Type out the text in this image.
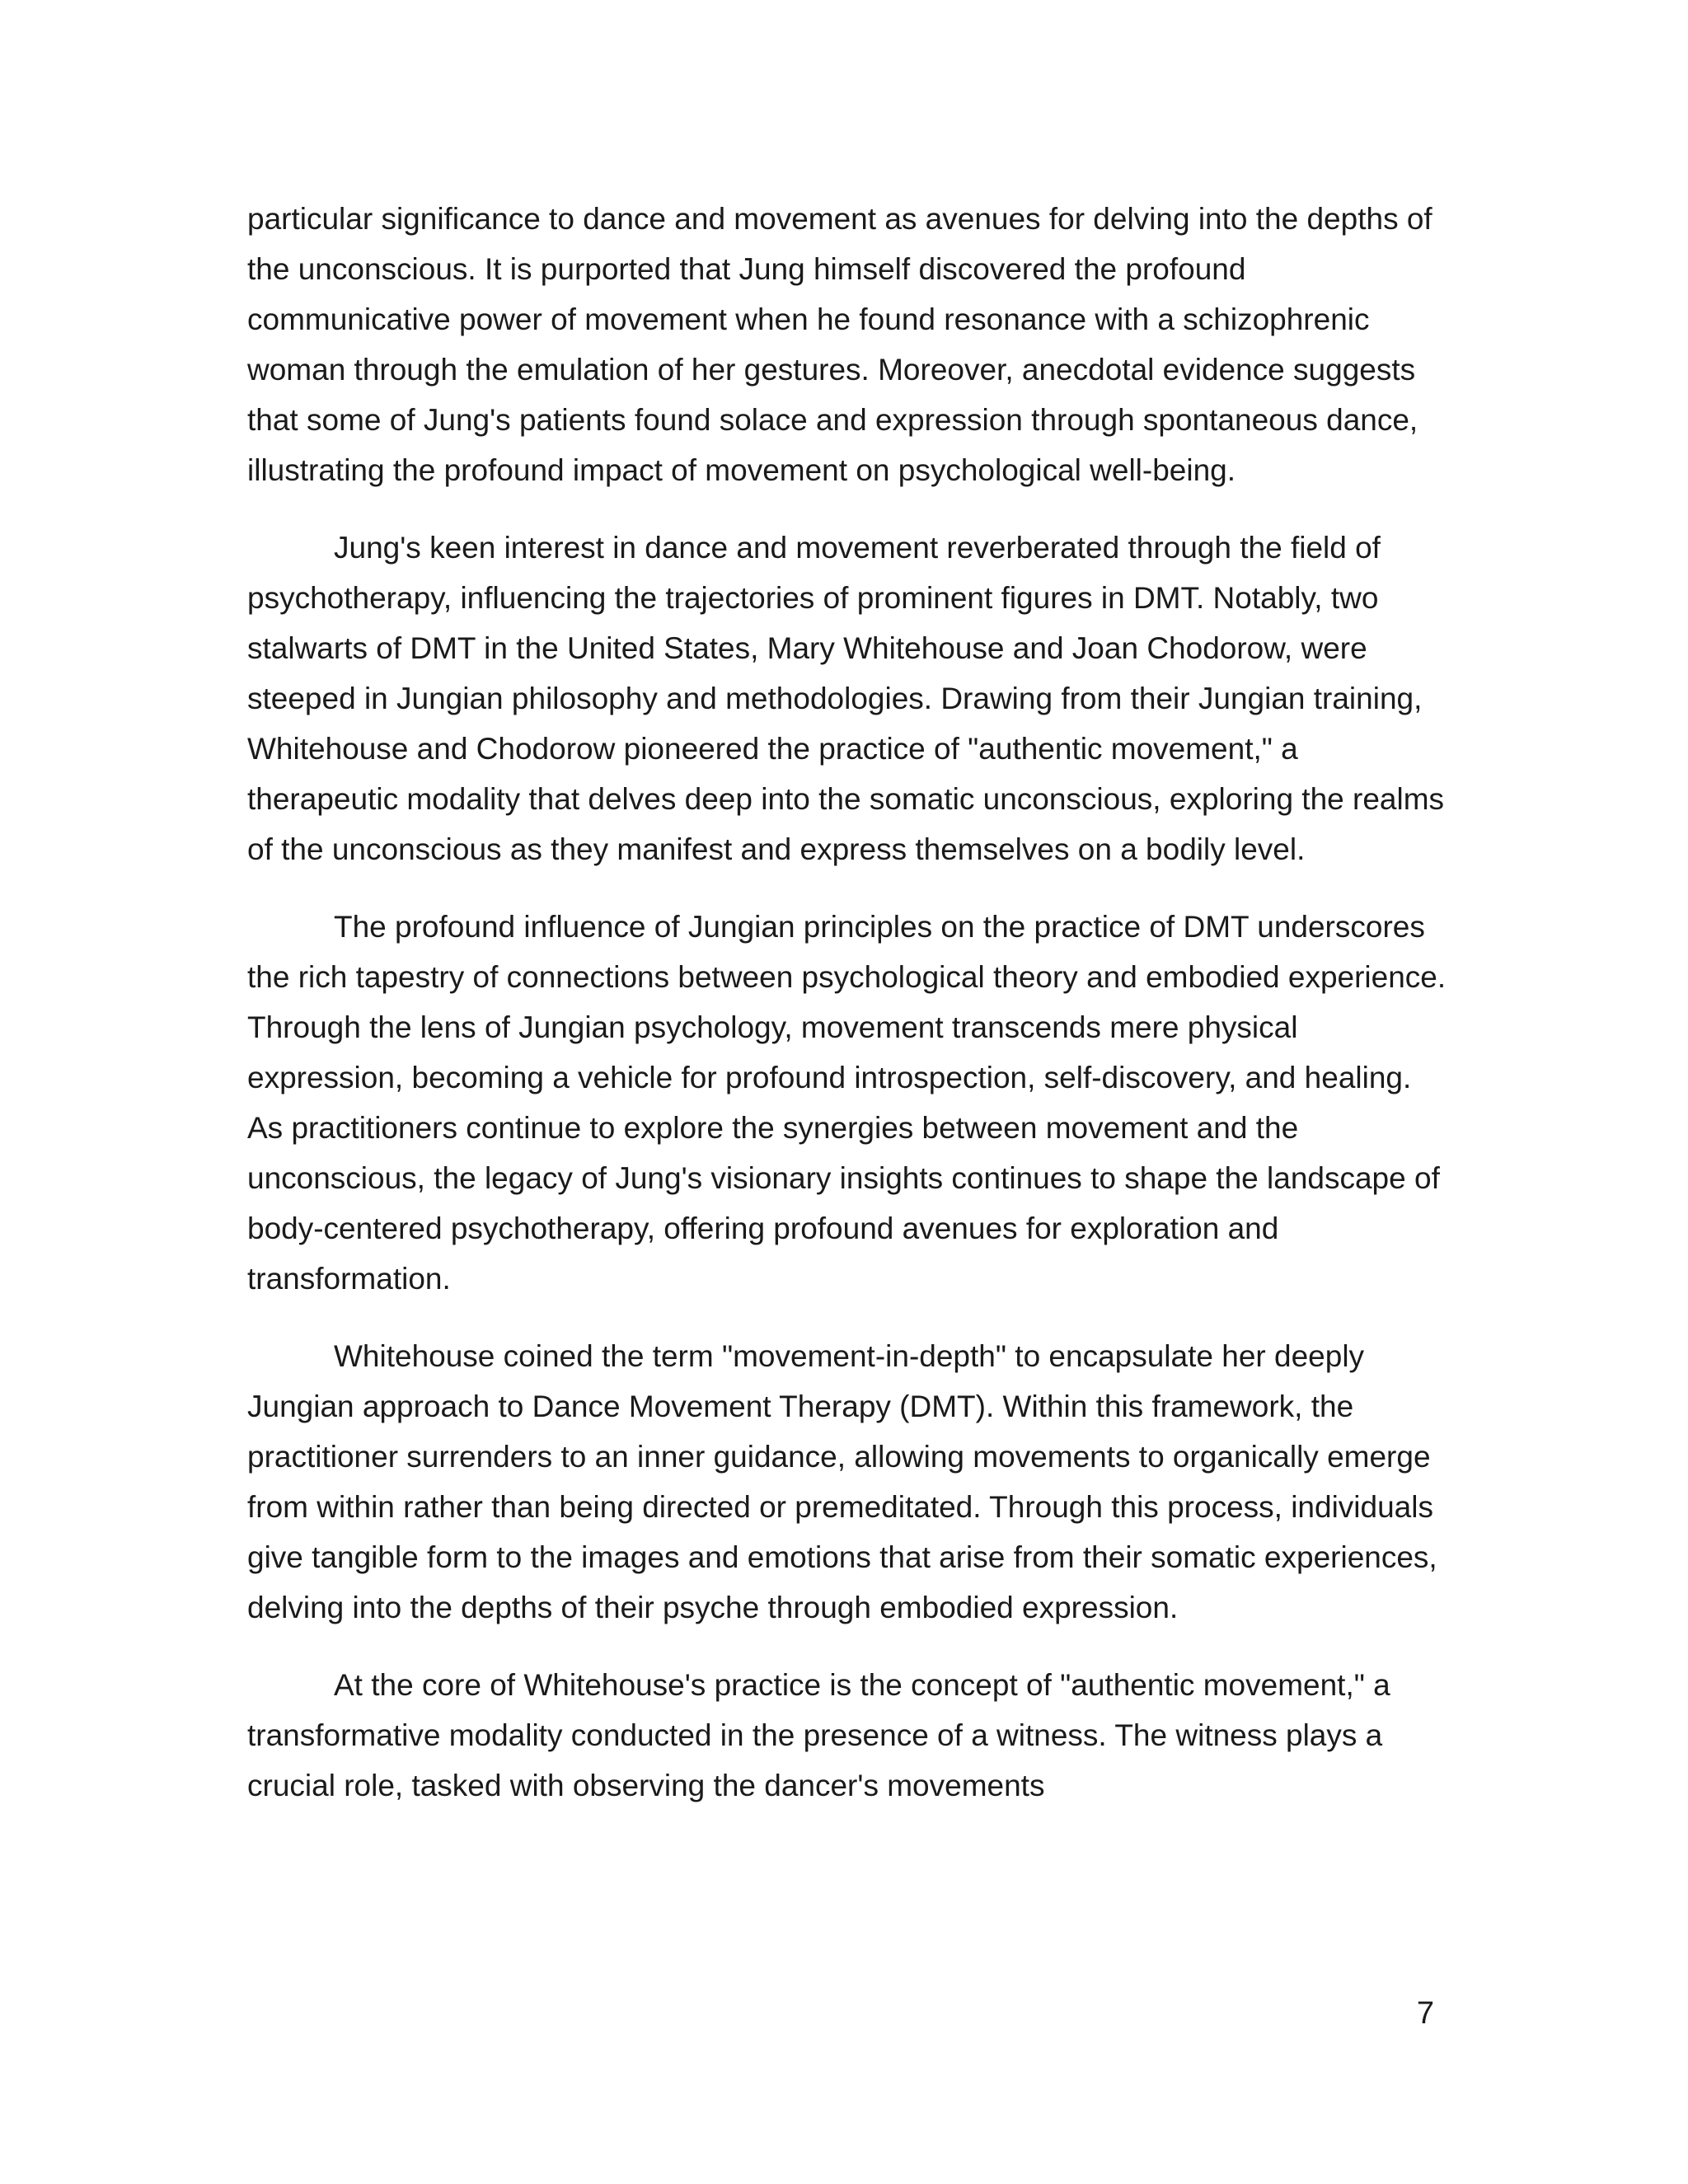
particular significance to dance and movement as avenues for delving into the depths of the unconscious. It is purported that Jung himself discovered the profound communicative power of movement when he found resonance with a schizophrenic woman through the emulation of her gestures. Moreover, anecdotal evidence suggests that some of Jung's patients found solace and expression through spontaneous dance, illustrating the profound impact of movement on psychological well-being.

Jung's keen interest in dance and movement reverberated through the field of psychotherapy, influencing the trajectories of prominent figures in DMT. Notably, two stalwarts of DMT in the United States, Mary Whitehouse and Joan Chodorow, were steeped in Jungian philosophy and methodologies. Drawing from their Jungian training, Whitehouse and Chodorow pioneered the practice of "authentic movement," a therapeutic modality that delves deep into the somatic unconscious, exploring the realms of the unconscious as they manifest and express themselves on a bodily level.

The profound influence of Jungian principles on the practice of DMT underscores the rich tapestry of connections between psychological theory and embodied experience. Through the lens of Jungian psychology, movement transcends mere physical expression, becoming a vehicle for profound introspection, self-discovery, and healing. As practitioners continue to explore the synergies between movement and the unconscious, the legacy of Jung's visionary insights continues to shape the landscape of body-centered psychotherapy, offering profound avenues for exploration and transformation.

Whitehouse coined the term "movement-in-depth" to encapsulate her deeply Jungian approach to Dance Movement Therapy (DMT). Within this framework, the practitioner surrenders to an inner guidance, allowing movements to organically emerge from within rather than being directed or premeditated. Through this process, individuals give tangible form to the images and emotions that arise from their somatic experiences, delving into the depths of their psyche through embodied expression.

At the core of Whitehouse's practice is the concept of "authentic movement," a transformative modality conducted in the presence of a witness. The witness plays a crucial role, tasked with observing the dancer's movements

7
